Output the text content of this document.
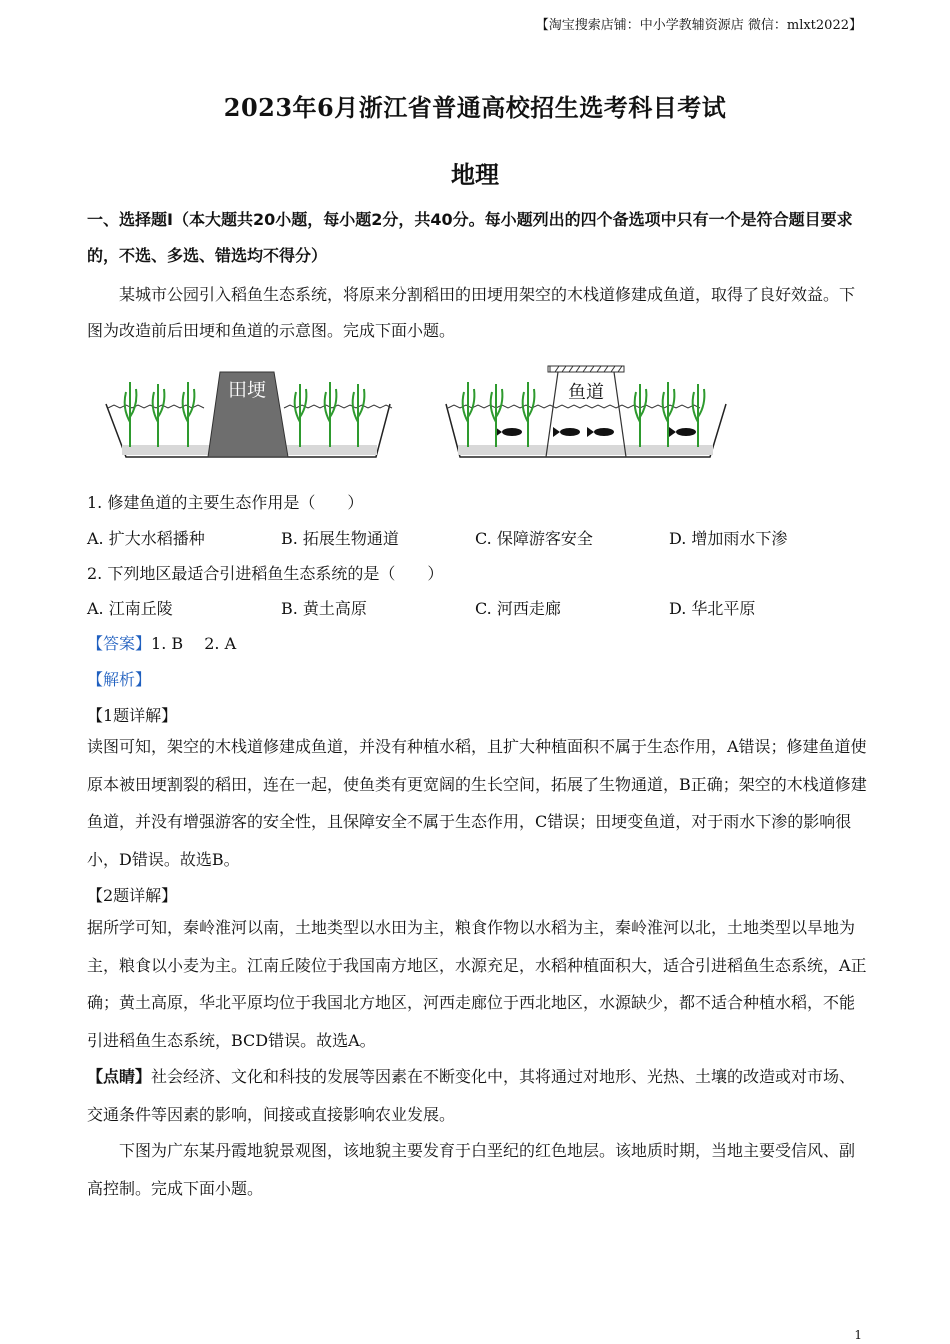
【淘宝搜索店铺：中小学教辅资源店 微信：mlxt2022】
2023年6月浙江省普通高校招生选考科目考试
地理
一、选择题Ⅰ（本大题共20小题，每小题2分，共40分。每小题列出的四个备选项中只有一个是符合题目要求的，不选、多选、错选均不得分）
某城市公园引入稻鱼生态系统，将原来分割稻田的田埂用架空的木栈道修建成鱼道，取得了良好效益。下图为改造前后田埂和鱼道的示意图。完成下面小题。
田埂	鱼道
1. 修建鱼道的主要生态作用是（　　）
A. 扩大水稻播种	B. 拓展生物通道	C. 保障游客安全	D. 增加雨水下渗
2. 下列地区最适合引进稻鱼生态系统的是（　　）
A. 江南丘陵	B. 黄土高原	C. 河西走廊	D. 华北平原
【答案】1. B　 2. A
【解析】
【1题详解】
读图可知，架空的木栈道修建成鱼道，并没有种植水稻，且扩大种植面积不属于生态作用，A错误；修建鱼道使原本被田埂割裂的稻田，连在一起，使鱼类有更宽阔的生长空间，拓展了生物通道，B正确；架空的木栈道修建鱼道，并没有增强游客的安全性，且保障安全不属于生态作用，C错误；田埂变鱼道，对于雨水下渗的影响很小，D错误。故选B。
【2题详解】
据所学可知，秦岭淮河以南，土地类型以水田为主，粮食作物以水稻为主，秦岭淮河以北，土地类型以旱地为主，粮食以小麦为主。江南丘陵位于我国南方地区，水源充足，水稻种植面积大，适合引进稻鱼生态系统，A正确；黄土高原，华北平原均位于我国北方地区，河西走廊位于西北地区，水源缺少，都不适合种植水稻，不能引进稻鱼生态系统，BCD错误。故选A。
【点睛】社会经济、文化和科技的发展等因素在不断变化中，其将通过对地形、光热、土壤的改造或对市场、交通条件等因素的影响，间接或直接影响农业发展。
下图为广东某丹霞地貌景观图，该地貌主要发育于白垩纪的红色地层。该地质时期，当地主要受信风、副高控制。完成下面小题。
1
